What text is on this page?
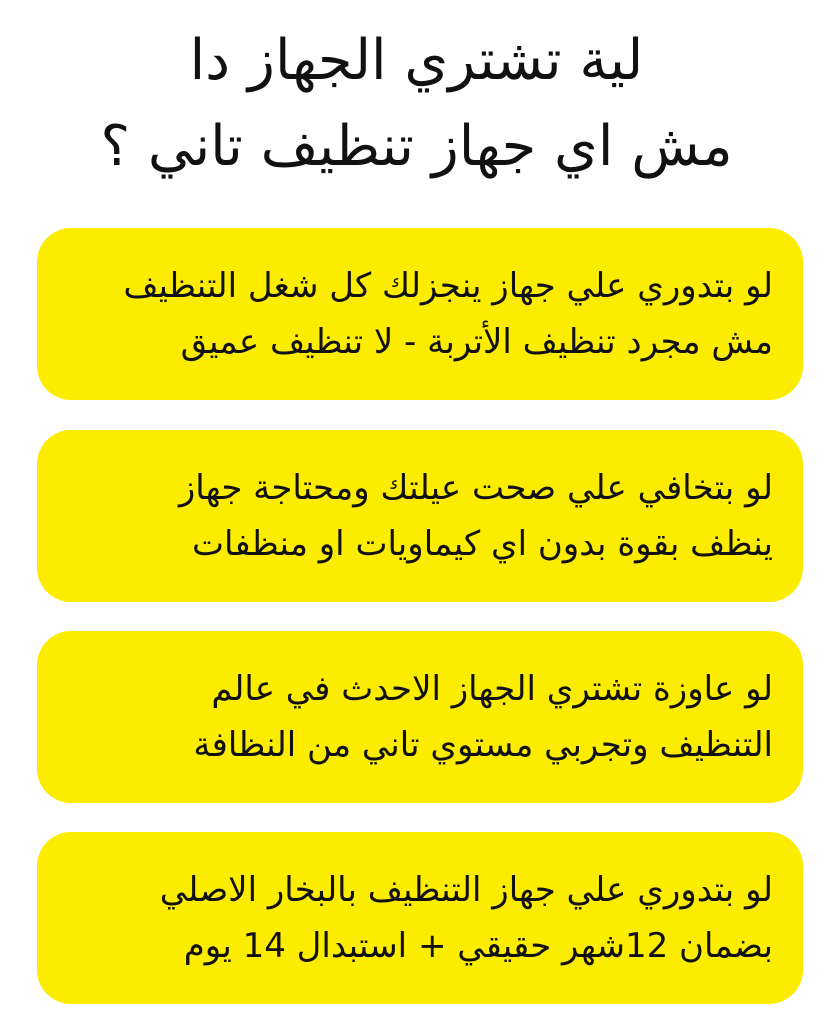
لية تشتري الجهاز دا
مش اي جهاز تنظيف تاني ؟
لو بتدوري علي جهاز ينجزلك كل شغل التنظيف
مش مجرد تنظيف الأتربة - لا تنظيف عميق
لو بتخافي علي صحت عيلتك ومحتاجة جهاز
ينظف بقوة بدون اي كيماويات او منظفات
لو عاوزة تشتري الجهاز الاحدث في عالم
التنظيف وتجربي مستوي تاني من النظافة
لو بتدوري علي جهاز التنظيف بالبخار الاصلي
بضمان 12شهر حقيقي + استبدال 14 يوم
